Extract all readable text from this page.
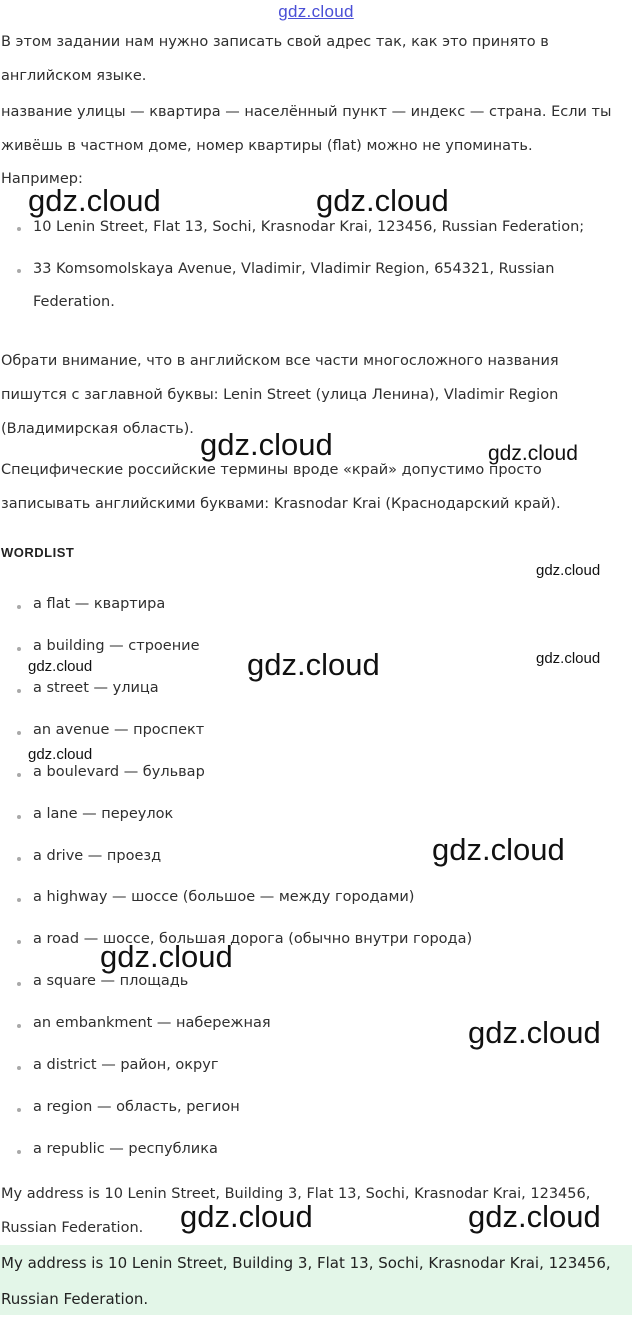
gdz.cloud

В этом задании нам нужно записать свой адрес так, как это принято в английском языке.

название улицы — квартира — населённый пункт — индекс — страна. Если ты живёшь в частном доме, номер квартиры (flat) можно не упоминать.

Например:

10 Lenin Street, Flat 13, Sochi, Krasnodar Krai, 123456, Russian Federation;
33 Komsomolskaya Avenue, Vladimir, Vladimir Region, 654321, Russian Federation.

Обрати внимание, что в английском все части многосложного названия пишутся с заглавной буквы: Lenin Street (улица Ленина), Vladimir Region (Владимирская область).

Специфические российские термины вроде «край» допустимо просто записывать английскими буквами: Krasnodar Krai (Краснодарский край).

WORDLIST
a flat — квартира
a building — строение
a street — улица
an avenue — проспект
a boulevard — бульвар
a lane — переулок
a drive — проезд
a highway — шоссе (большое — между городами)
a road — шоссе, большая дорога (обычно внутри города)
a square — площадь
an embankment — набережная
a district — район, округ
a region — область, регион
a republic — республика

My address is 10 Lenin Street, Building 3, Flat 13, Sochi, Krasnodar Krai, 123456, Russian Federation.

My address is 10 Lenin Street, Building 3, Flat 13, Sochi, Krasnodar Krai, 123456, Russian Federation.

gdz.cloud	gdz.cloud
gdz.cloud	gdz.cloud
gdz.cloud
gdz.cloud	gdz.cloud
gdz.cloud
gdz.cloud
gdz.cloud
gdz.cloud
gdz.cloud
gdz.cloud	gdz.cloud
